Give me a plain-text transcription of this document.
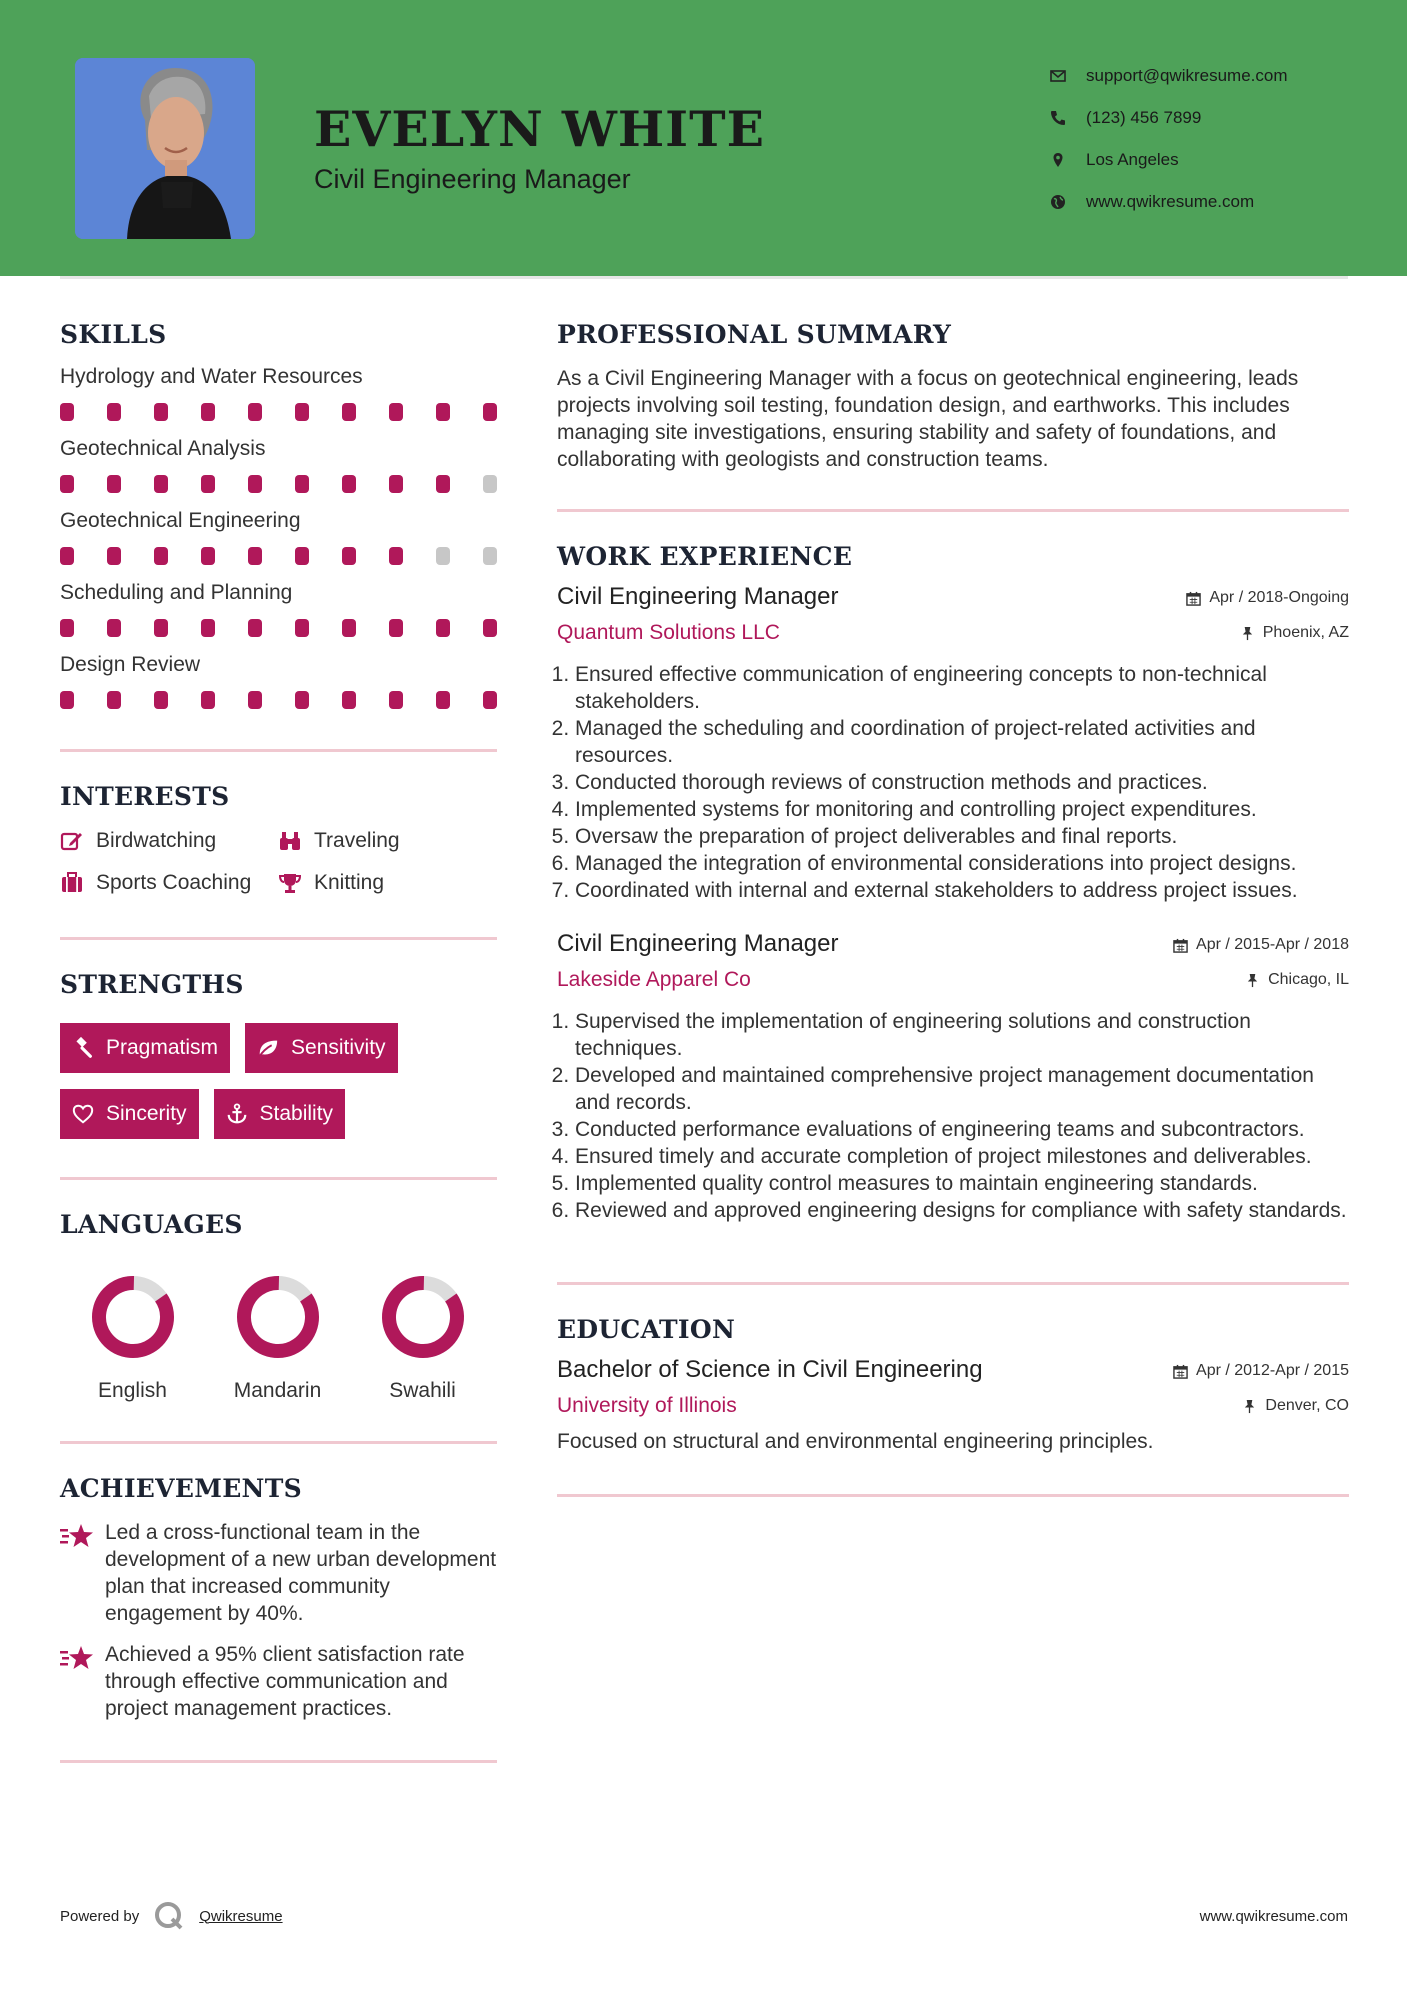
EVELYN WHITE
Civil Engineering Manager
support@qwikresume.com
(123) 456 7899
Los Angeles
www.qwikresume.com
SKILLS
Hydrology and Water Resources
Geotechnical Analysis
Geotechnical Engineering
Scheduling and Planning
Design Review
INTERESTS
Birdwatching	Traveling
Sports Coaching	Knitting
STRENGTHS
Pragmatism	Sensitivity
Sincerity	Stability
LANGUAGES
English	Mandarin	Swahili
ACHIEVEMENTS
Led a cross-functional team in the development of a new urban development plan that increased community engagement by 40%.
Achieved a 95% client satisfaction rate through effective communication and project management practices.
PROFESSIONAL SUMMARY
As a Civil Engineering Manager with a focus on geotechnical engineering, leads projects involving soil testing, foundation design, and earthworks. This includes managing site investigations, ensuring stability and safety of foundations, and collaborating with geologists and construction teams.
WORK EXPERIENCE
Civil Engineering Manager	Apr / 2018-Ongoing
Quantum Solutions LLC	Phoenix, AZ
1. Ensured effective communication of engineering concepts to non-technical stakeholders.
2. Managed the scheduling and coordination of project-related activities and resources.
3. Conducted thorough reviews of construction methods and practices.
4. Implemented systems for monitoring and controlling project expenditures.
5. Oversaw the preparation of project deliverables and final reports.
6. Managed the integration of environmental considerations into project designs.
7. Coordinated with internal and external stakeholders to address project issues.
Civil Engineering Manager	Apr / 2015-Apr / 2018
Lakeside Apparel Co	Chicago, IL
1. Supervised the implementation of engineering solutions and construction techniques.
2. Developed and maintained comprehensive project management documentation and records.
3. Conducted performance evaluations of engineering teams and subcontractors.
4. Ensured timely and accurate completion of project milestones and deliverables.
5. Implemented quality control measures to maintain engineering standards.
6. Reviewed and approved engineering designs for compliance with safety standards.
EDUCATION
Bachelor of Science in Civil Engineering	Apr / 2012-Apr / 2015
University of Illinois	Denver, CO
Focused on structural and environmental engineering principles.
Powered by	Qwikresume	www.qwikresume.com
